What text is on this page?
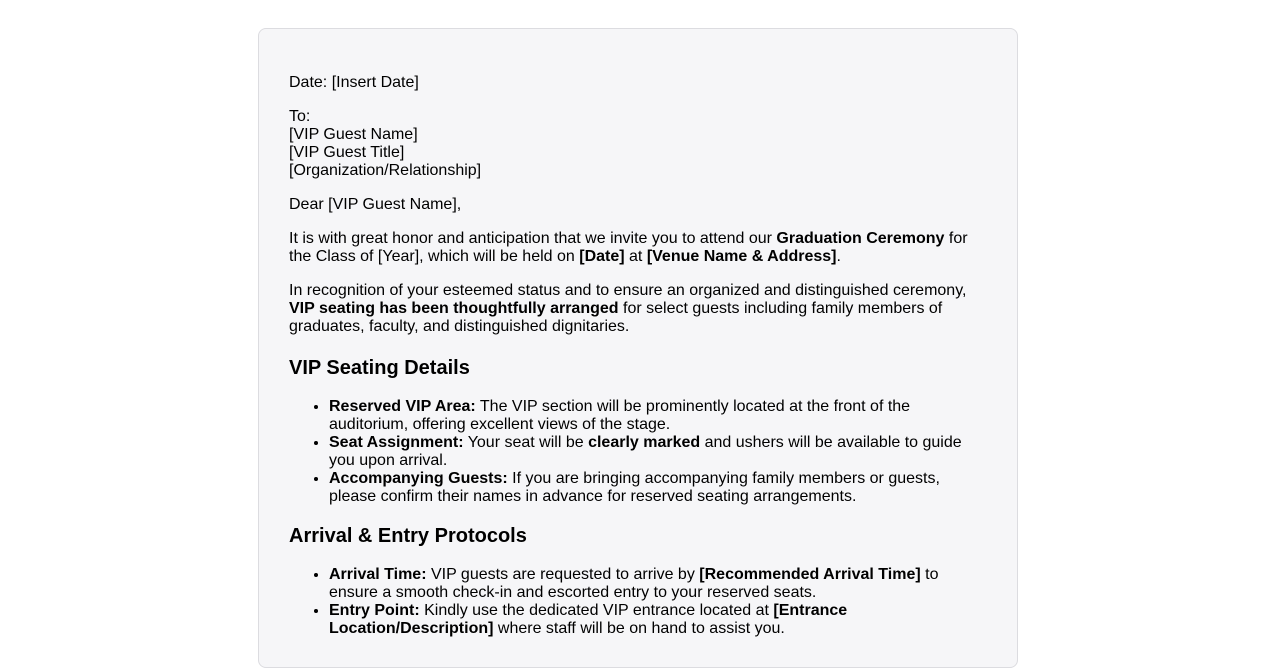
Date: [Insert Date]

To:
[VIP Guest Name]
[VIP Guest Title]
[Organization/Relationship]

Dear [VIP Guest Name],

It is with great honor and anticipation that we invite you to attend our Graduation Ceremony for the Class of [Year], which will be held on [Date] at [Venue Name & Address].

In recognition of your esteemed status and to ensure an organized and distinguished ceremony, VIP seating has been thoughtfully arranged for select guests including family members of graduates, faculty, and distinguished dignitaries.

VIP Seating Details
• Reserved VIP Area: The VIP section will be prominently located at the front of the auditorium, offering excellent views of the stage.
• Seat Assignment: Your seat will be clearly marked and ushers will be available to guide you upon arrival.
• Accompanying Guests: If you are bringing accompanying family members or guests, please confirm their names in advance for reserved seating arrangements.
Arrival & Entry Protocols
• Arrival Time: VIP guests are requested to arrive by [Recommended Arrival Time] to ensure a smooth check-in and escorted entry to your reserved seats.
• Entry Point: Kindly use the dedicated VIP entrance located at [Entrance Location/Description] where staff will be on hand to assist you.
